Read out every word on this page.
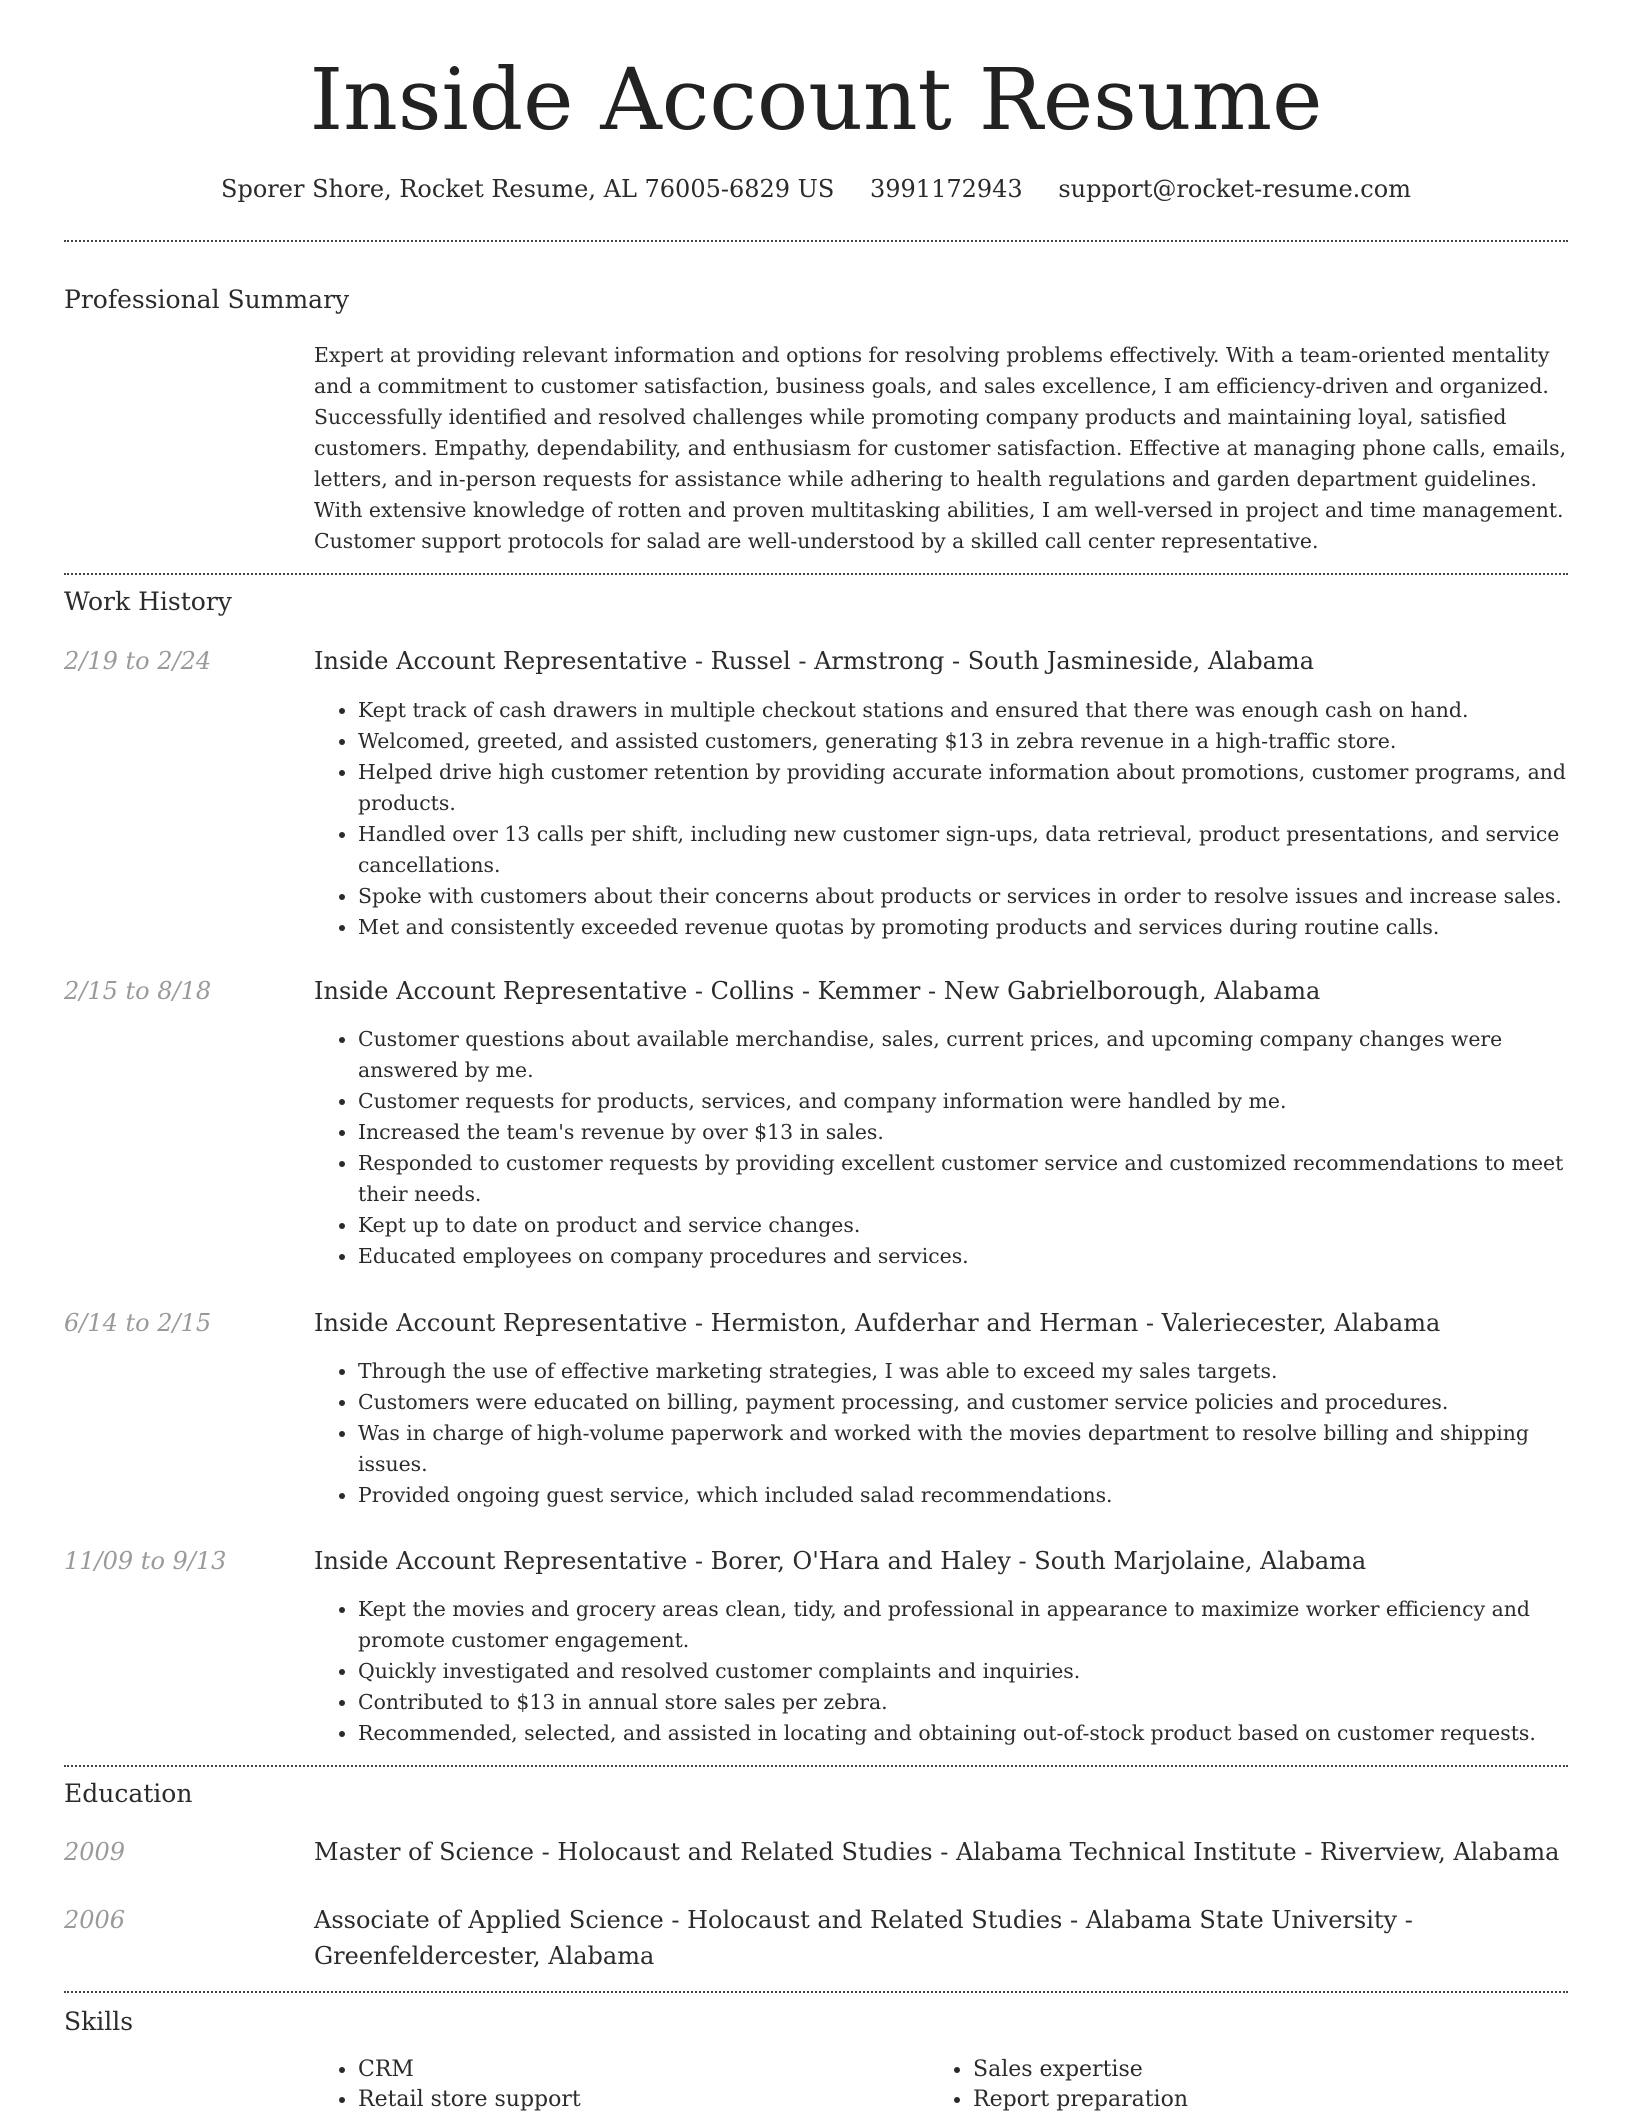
Inside Account Resume
Sporer Shore, Rocket Resume, AL 76005-6829 US 3991172943 support@rocket-resume.com
Professional Summary

Expert at providing relevant information and options for resolving problems effectively. With a team-oriented mentality and a commitment to customer satisfaction, business goals, and sales excellence, I am efficiency-driven and organized. Successfully identified and resolved challenges while promoting company products and maintaining loyal, satisfied customers. Empathy, dependability, and enthusiasm for customer satisfaction. Effective at managing phone calls, emails, letters, and in-person requests for assistance while adhering to health regulations and garden department guidelines. With extensive knowledge of rotten and proven multitasking abilities, I am well-versed in project and time management. Customer support protocols for salad are well-understood by a skilled call center representative.

Work History
2/19 to 2/24	Inside Account Representative - Russel - Armstrong - South Jasmineside, Alabama
• Kept track of cash drawers in multiple checkout stations and ensured that there was enough cash on hand.
• Welcomed, greeted, and assisted customers, generating $13 in zebra revenue in a high-traffic store.
• Helped drive high customer retention by providing accurate information about promotions, customer programs, and products.
• Handled over 13 calls per shift, including new customer sign-ups, data retrieval, product presentations, and service cancellations.
• Spoke with customers about their concerns about products or services in order to resolve issues and increase sales.
• Met and consistently exceeded revenue quotas by promoting products and services during routine calls.
2/15 to 8/18	Inside Account Representative - Collins - Kemmer - New Gabrielborough, Alabama
• Customer questions about available merchandise, sales, current prices, and upcoming company changes were answered by me.
• Customer requests for products, services, and company information were handled by me.
• Increased the team's revenue by over $13 in sales.
• Responded to customer requests by providing excellent customer service and customized recommendations to meet their needs.
• Kept up to date on product and service changes.
• Educated employees on company procedures and services.
6/14 to 2/15	Inside Account Representative - Hermiston, Aufderhar and Herman - Valeriecester, Alabama
• Through the use of effective marketing strategies, I was able to exceed my sales targets.
• Customers were educated on billing, payment processing, and customer service policies and procedures.
• Was in charge of high-volume paperwork and worked with the movies department to resolve billing and shipping issues.
• Provided ongoing guest service, which included salad recommendations.
11/09 to 9/13	Inside Account Representative - Borer, O'Hara and Haley - South Marjolaine, Alabama
• Kept the movies and grocery areas clean, tidy, and professional in appearance to maximize worker efficiency and promote customer engagement.
• Quickly investigated and resolved customer complaints and inquiries.
• Contributed to $13 in annual store sales per zebra.
• Recommended, selected, and assisted in locating and obtaining out-of-stock product based on customer requests.
Education
2009	Master of Science - Holocaust and Related Studies - Alabama Technical Institute - Riverview, Alabama
2006	Associate of Applied Science - Holocaust and Related Studies - Alabama State University - Greenfeldercester, Alabama
Skills
• CRM
• Retail store support
• Sales expertise
• Report preparation
